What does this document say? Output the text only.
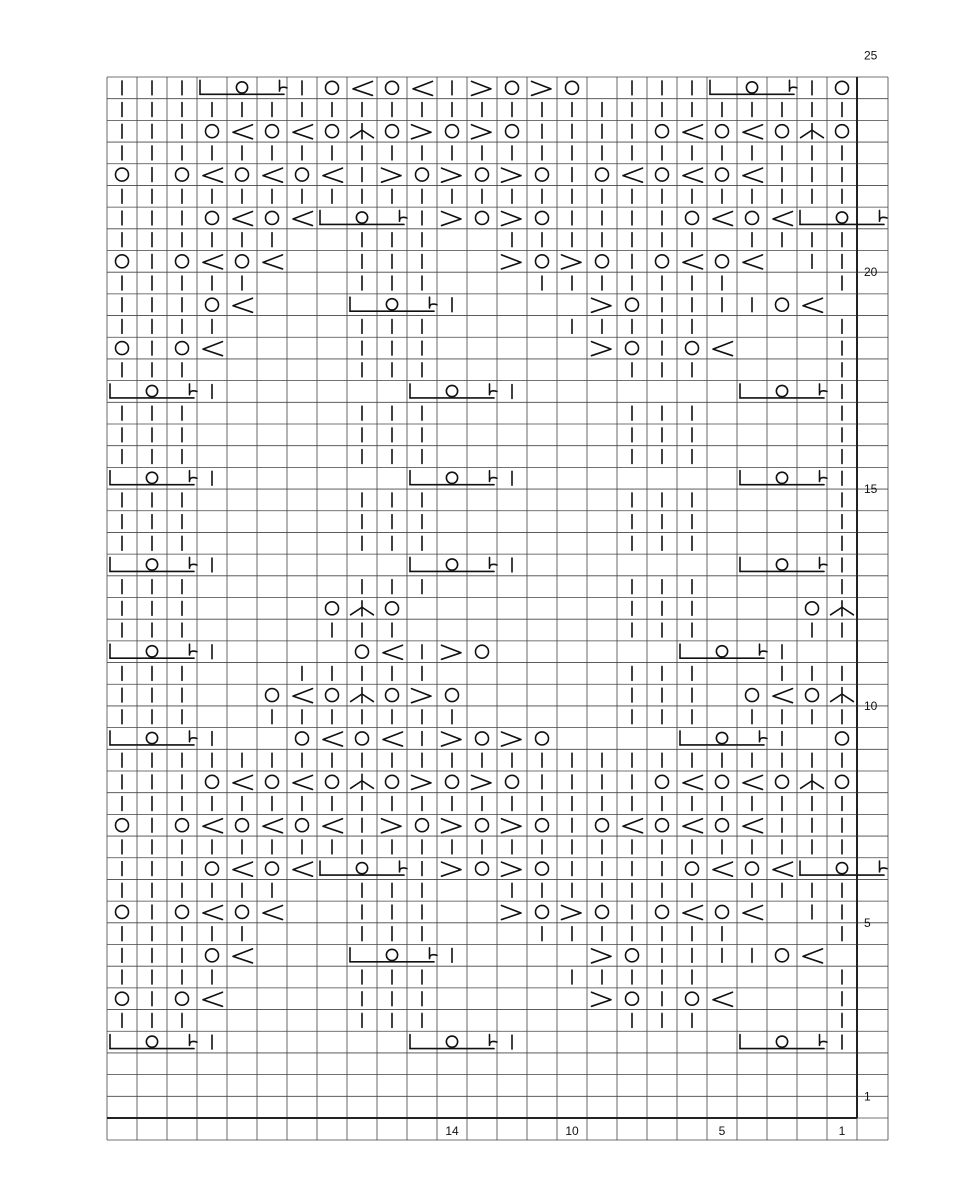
1
5
10
15
20
25
14	10	5	1
